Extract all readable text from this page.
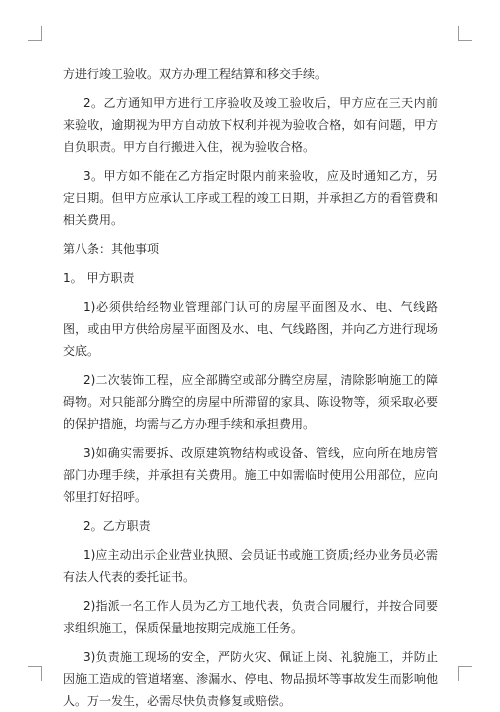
方进行竣工验收。双方办理工程结算和移交手续。

2。乙方通知甲方进行工序验收及竣工验收后，甲方应在三天内前来验收，逾期视为甲方自动放下权利并视为验收合格，如有问题，甲方自负职责。甲方自行搬进入住，视为验收合格。

3。甲方如不能在乙方指定时限内前来验收，应及时通知乙方，另定日期。但甲方应承认工序或工程的竣工日期，并承担乙方的看管费和相关费用。

第八条：其他事项

1。 甲方职责

1)必须供给经物业管理部门认可的房屋平面图及水、电、气线路图，或由甲方供给房屋平面图及水、电、气线路图，并向乙方进行现场交底。

2)二次装饰工程，应全部腾空或部分腾空房屋，清除影响施工的障碍物。对只能部分腾空的房屋中所滞留的家具、陈设物等，须采取必要的保护措施，均需与乙方办理手续和承担费用。

3)如确实需要拆、改原建筑物结构或设备、管线，应向所在地房管部门办理手续，并承担有关费用。施工中如需临时使用公用部位，应向邻里打好招呼。

2。乙方职责

1)应主动出示企业营业执照、会员证书或施工资质;经办业务员必需有法人代表的委托证书。

2)指派一名工作人员为乙方工地代表，负责合同履行，并按合同要求组织施工，保质保量地按期完成施工任务。

3)负责施工现场的安全，严防火灾、佩证上岗、礼貌施工，并防止因施工造成的管道堵塞、渗漏水、停电、物品损坏等事故发生而影响他人。万一发生，必需尽快负责修复或赔偿。
